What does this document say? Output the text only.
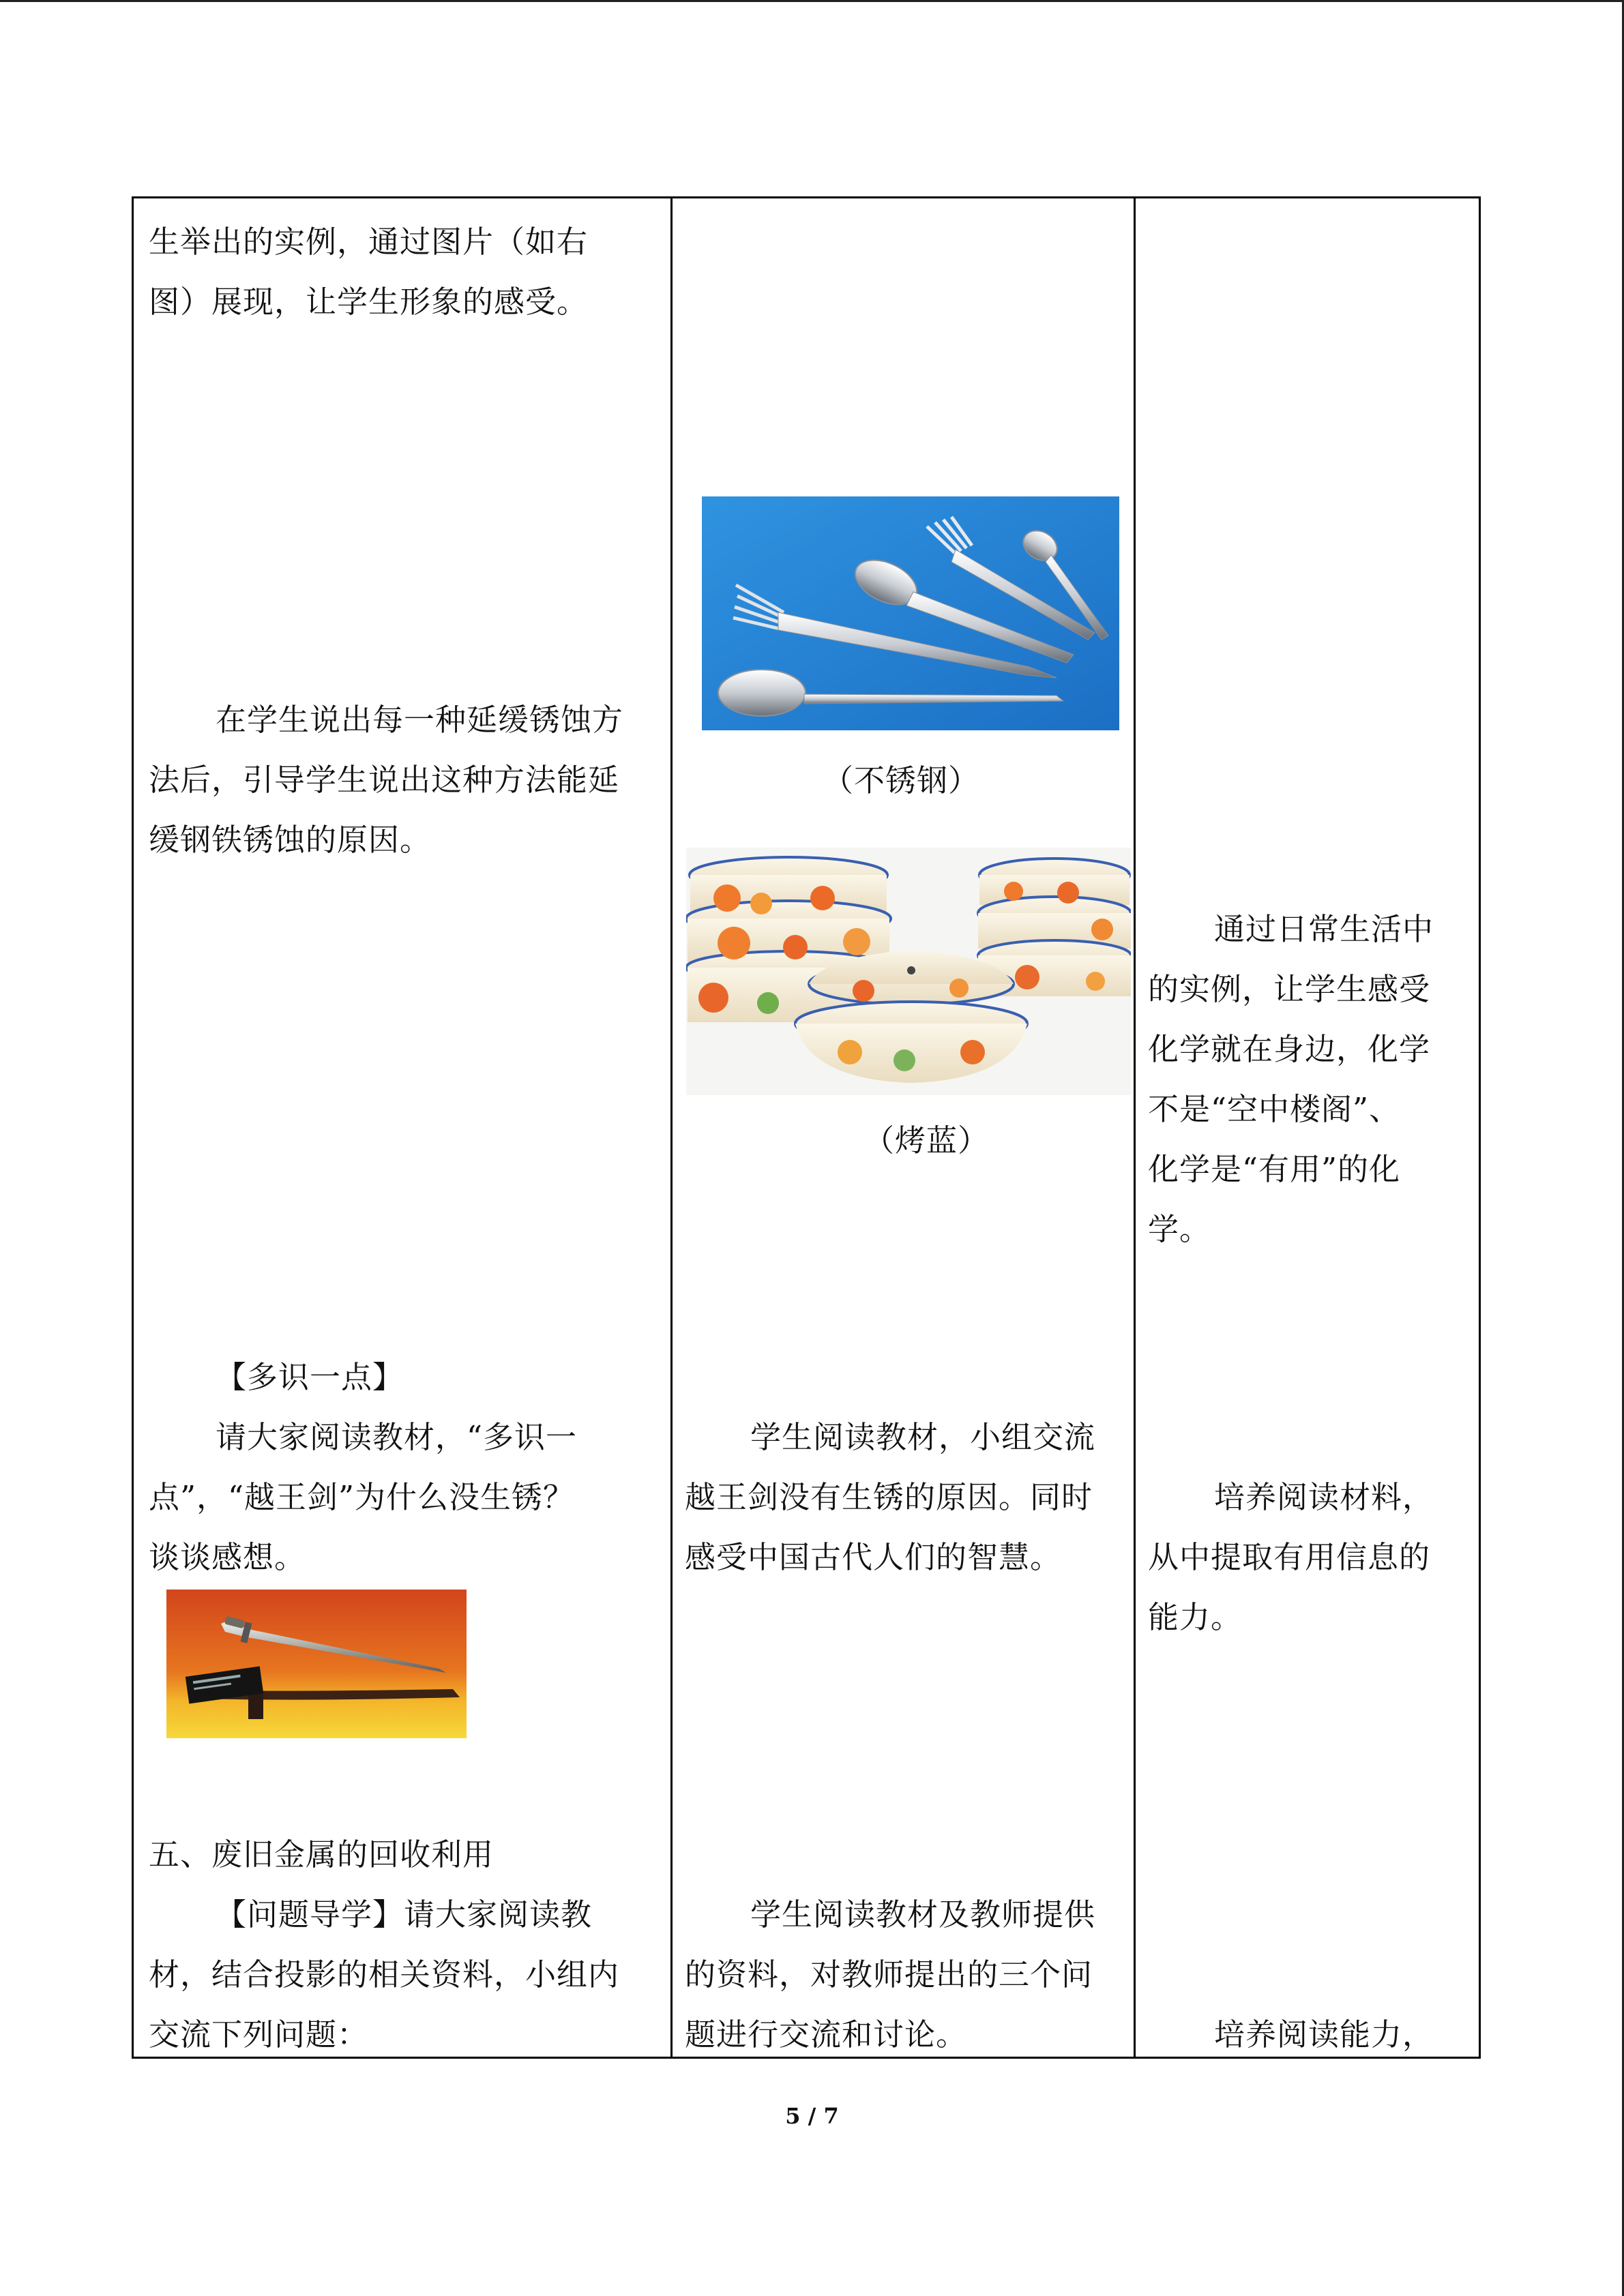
生举出的实例，通过图片（如右
图）展现，让学生形象的感受。
在学生说出每一种延缓锈蚀方
法后，引导学生说出这种方法能延
缓钢铁锈蚀的原因。
【多识一点】
请大家阅读教材，“多识一
点”，“越王剑”为什么没生锈？
谈谈感想。
五、废旧金属的回收利用
【问题导学】请大家阅读教
材，结合投影的相关资料，小组内
交流下列问题：
（不锈钢）
（烤蓝）
学生阅读教材，小组交流
越王剑没有生锈的原因。同时
感受中国古代人们的智慧。
学生阅读教材及教师提供
的资料，对教师提出的三个问
题进行交流和讨论。
通过日常生活中
的实例，让学生感受
化学就在身边，化学
不是“空中楼阁”、
化学是“有用”的化
学。
培养阅读材料，
从中提取有用信息的
能力。
培养阅读能力，
5 / 7
